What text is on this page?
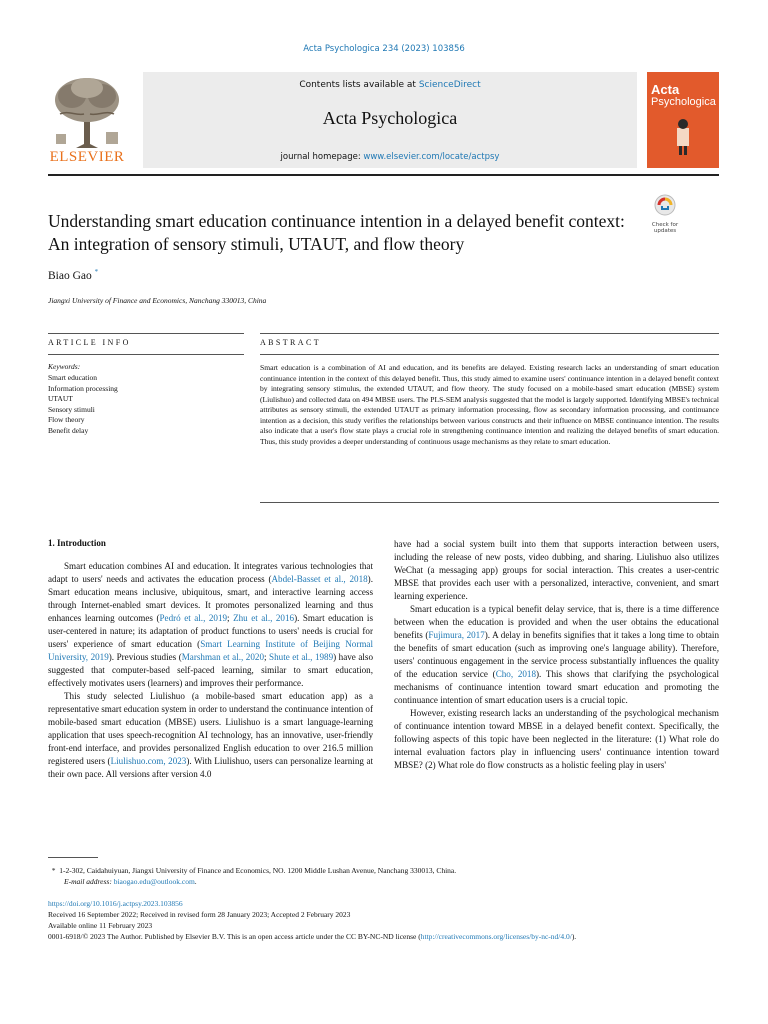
Acta Psychologica 234 (2023) 103856
ELSEVIER
Contents lists available at ScienceDirect
Acta Psychologica
journal homepage: www.elsevier.com/locate/actpsy
Acta
Psychologica
Understanding smart education continuance intention in a delayed benefit context: An integration of sensory stimuli, UTAUT, and flow theory
Check for
updates
Biao Gao *
Jiangxi University of Finance and Economics, Nanchang 330013, China
ARTICLE INFO	ABSTRACT
Keywords:
Smart education
Information processing
UTAUT
Sensory stimuli
Flow theory
Benefit delay
Smart education is a combination of AI and education, and its benefits are delayed. Existing research lacks an understanding of smart education continuance intention in the context of this delayed benefit. Thus, this study aimed to examine users' continuance intention in a delayed benefit context by integrating sensory stimulus, the extended UTAUT, and flow theory. The study focused on a mobile-based smart education (MBSE) system (Liulishuo) and collected data on 494 MBSE users. The PLS-SEM analysis suggested that the model is largely supported. Identifying MBSE's technical attributes as sensory stimuli, the extended UTAUT as primary information processing, flow as secondary information processing, and continuance intention as a decision, this study verifies the relationships between various constructs and their influence on MBSE continuance intention. The results also indicate that a user's flow state plays a crucial role in strengthening continuance intention and realizing the delayed benefits of smart education. Thus, this study provides a deeper understanding of continuous usage mechanisms as they relate to smart education.
1. Introduction

Smart education combines AI and education. It integrates various technologies that adapt to users' needs and activates the education process (Abdel-Basset et al., 2018). Smart education means inclusive, ubiquitous, smart, and interactive learning access through Internet-enabled smart devices. It promotes personalized learning and thus enhances learning outcomes (Pedró et al., 2019; Zhu et al., 2016). Smart education is user-centered in nature; its adaptation of product functions to users' needs is crucial for users' experience of smart education (Smart Learning Institute of Beijing Normal University, 2019). Previous studies (Marshman et al., 2020; Shute et al., 1989) have also suggested that computer-based self-paced learning, similar to smart education, effectively motivates users (learners) and improves their performance.

This study selected Liulishuo (a mobile-based smart education app) as a representative smart education system in order to understand the continuance intention of mobile-based smart education (MBSE) users. Liulishuo is a smart language-learning application that uses speech-recognition AI technology, has an innovative, user-friendly front-end interface, and provides personalized English education to over 216.5 million registered users (Liulishuo.com, 2023). With Liulishuo, users can personalize learning at their own pace. All versions after version 4.0

have had a social system built into them that supports interaction between users, including the release of new posts, video dubbing, and sharing. Liulishuo also utilizes WeChat (a messaging app) groups for social interaction. This creates a user-centric MBSE that provides each user with a personalized, interactive, convenient, and smart learning experience.

Smart education is a typical benefit delay service, that is, there is a time difference between when the education is provided and when the user obtains the educational benefits (Fujimura, 2017). A delay in benefits signifies that it takes a long time to obtain the benefits of smart education (such as improving one's language ability). Therefore, users' continuous engagement in the service process substantially influences the quality of the education service (Cho, 2018). This shows that clarifying the psychological mechanisms of continuance intention toward smart education and promoting the continuance intention of smart education users is a crucial topic.

However, existing research lacks an understanding of the psychological mechanism of continuance intention toward MBSE in a delayed benefit context. Specifically, the following aspects of this topic have been neglected in the literature: (1) What role do internal evaluation factors play in influencing users' continuance intention toward MBSE? (2) What role do flow constructs as a holistic feeling play in users'

* 1-2-302, Caidahuiyuan, Jiangxi University of Finance and Economics, NO. 1200 Middle Lushan Avenue, Nanchang 330013, China.
E-mail address: biaogao.edu@outlook.com.
https://doi.org/10.1016/j.actpsy.2023.103856
Received 16 September 2022; Received in revised form 28 January 2023; Accepted 2 February 2023
Available online 11 February 2023
0001-6918/© 2023 The Author. Published by Elsevier B.V. This is an open access article under the CC BY-NC-ND license (http://creativecommons.org/licenses/by-nc-nd/4.0/).
